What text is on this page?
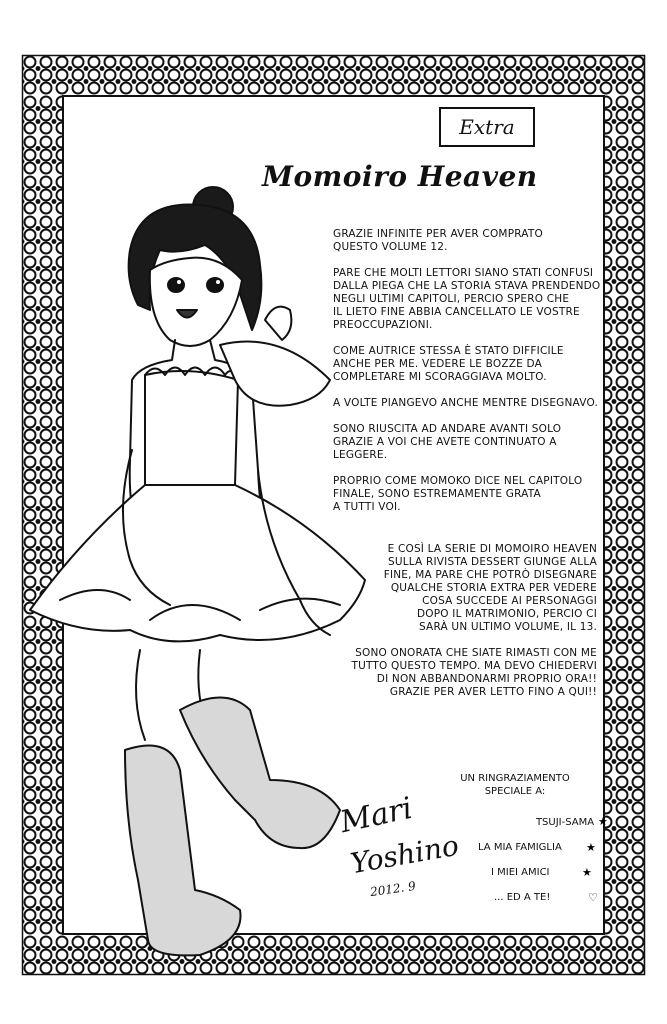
Extra
Momoiro Heaven

GRAZIE INFINITE PER AVER COMPRATO
QUESTO VOLUME 12.

PARE CHE MOLTI LETTORI SIANO STATI CONFUSI
DALLA PIEGA CHE LA STORIA STAVA PRENDENDO
NEGLI ULTIMI CAPITOLI, PERCIO SPERO CHE
IL LIETO FINE ABBIA CANCELLATO LE VOSTRE
PREOCCUPAZIONI.

COME AUTRICE STESSA È STATO DIFFICILE
ANCHE PER ME. VEDERE LE BOZZE DA
COMPLETARE MI SCORAGGIAVA MOLTO.

A VOLTE PIANGEVO ANCHE MENTRE DISEGNAVO.

SONO RIUSCITA AD ANDARE AVANTI SOLO
GRAZIE A VOI CHE AVETE CONTINUATO A
LEGGERE.

PROPRIO COME MOMOKO DICE NEL CAPITOLO
FINALE, SONO ESTREMAMENTE GRATA
A TUTTI VOI.

E COSÌ LA SERIE DI MOMOIRO HEAVEN
SULLA RIVISTA DESSERT GIUNGE ALLA
FINE, MA PARE CHE POTRÒ DISEGNARE
QUALCHE STORIA EXTRA PER VEDERE
COSA SUCCEDE AI PERSONAGGI
DOPO IL MATRIMONIO, PERCIO CI
SARÀ UN ULTIMO VOLUME, IL 13.

SONO ONORATA CHE SIATE RIMASTI CON ME
TUTTO QUESTO TEMPO. MA DEVO CHIEDERVI
DI NON ABBANDONARMI PROPRIO ORA!!
GRAZIE PER AVER LETTO FINO A QUI!!

UN RINGRAZIAMENTO
SPECIALE A:
TSUJI-SAMA
LA MIA FAMIGLIA
I MIEI AMICI
... ED A TE!
★
★
★
♡
Mari
Yoshino
2012. 9
